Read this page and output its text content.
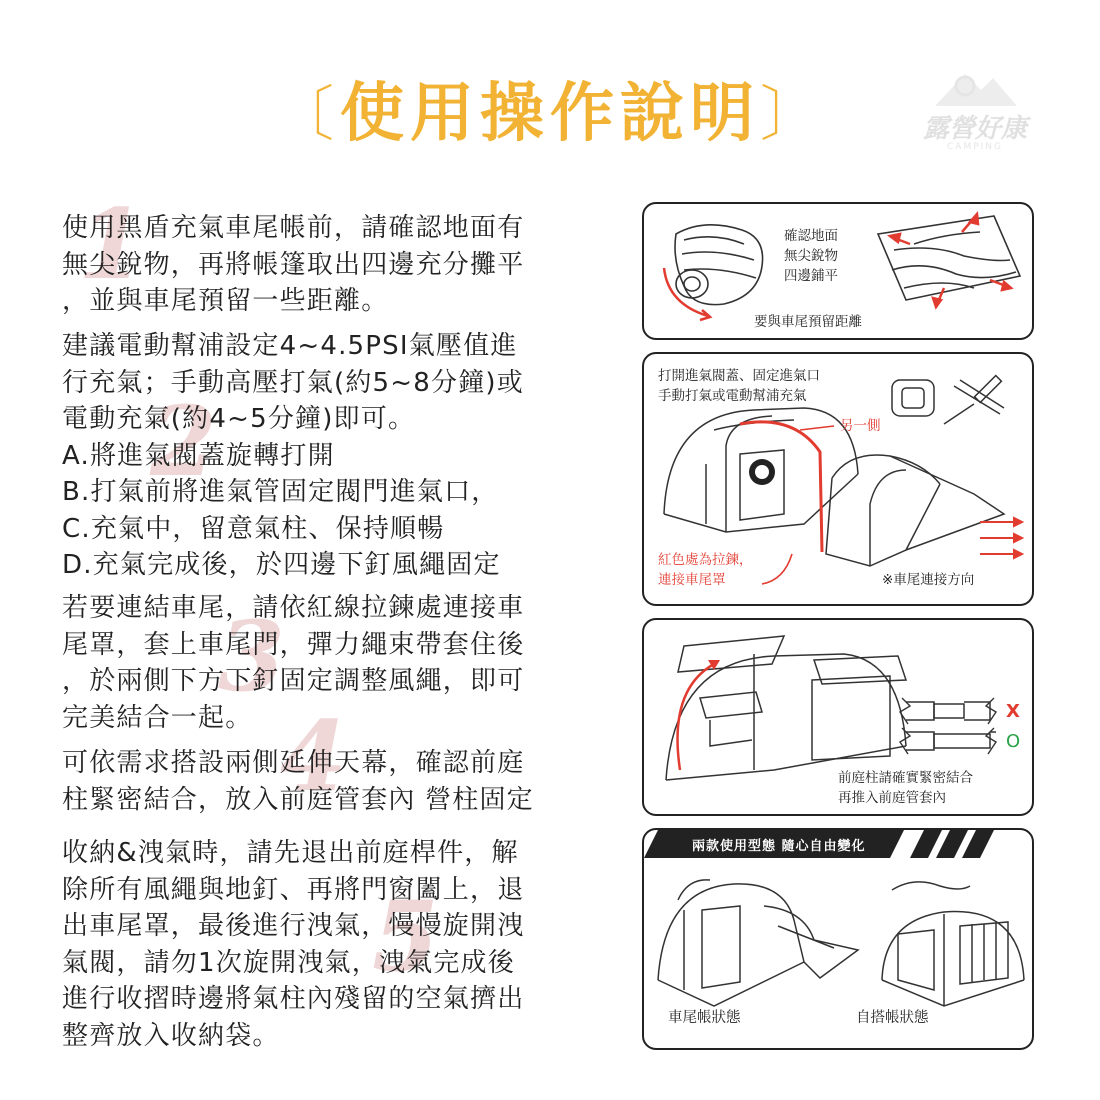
〔使用操作說明〕	露營好康
CAMPING
1
2
3
4
5
使用黑盾充氣車尾帳前，請確認地面有
無尖銳物，再將帳篷取出四邊充分攤平
，並與車尾預留一些距離。
建議電動幫浦設定4~4.5PSI氣壓值進
行充氣；手動高壓打氣(約5~8分鐘)或
電動充氣(約4~5分鐘)即可。
A.將進氣閥蓋旋轉打開
B.打氣前將進氣管固定閥門進氣口，
C.充氣中，留意氣柱、保持順暢
D.充氣完成後，於四邊下釘風繩固定
若要連結車尾，請依紅線拉鍊處連接車
尾罩，套上車尾門，彈力繩束帶套住後
，於兩側下方下釘固定調整風繩，即可
完美結合一起。
可依需求搭設兩側延伸天幕，確認前庭
柱緊密結合，放入前庭管套內 營柱固定
收納&洩氣時，請先退出前庭桿件，解
除所有風繩與地釘、再將門窗闔上，退
出車尾罩，最後進行洩氣，慢慢旋開洩
氣閥，請勿1次旋開洩氣，洩氣完成後
進行收摺時邊將氣柱內殘留的空氣擠出
整齊放入收納袋。
確認地面
無尖銳物
四邊鋪平
要與車尾預留距離
打開進氣閥蓋、固定進氣口
手動打氣或電動幫浦充氣
另一側
紅色處為拉鍊，
連接車尾罩	※車尾連接方向
X
O
前庭柱請確實緊密結合
再推入前庭管套內
兩款使用型態 隨心自由變化
車尾帳狀態	自搭帳狀態
